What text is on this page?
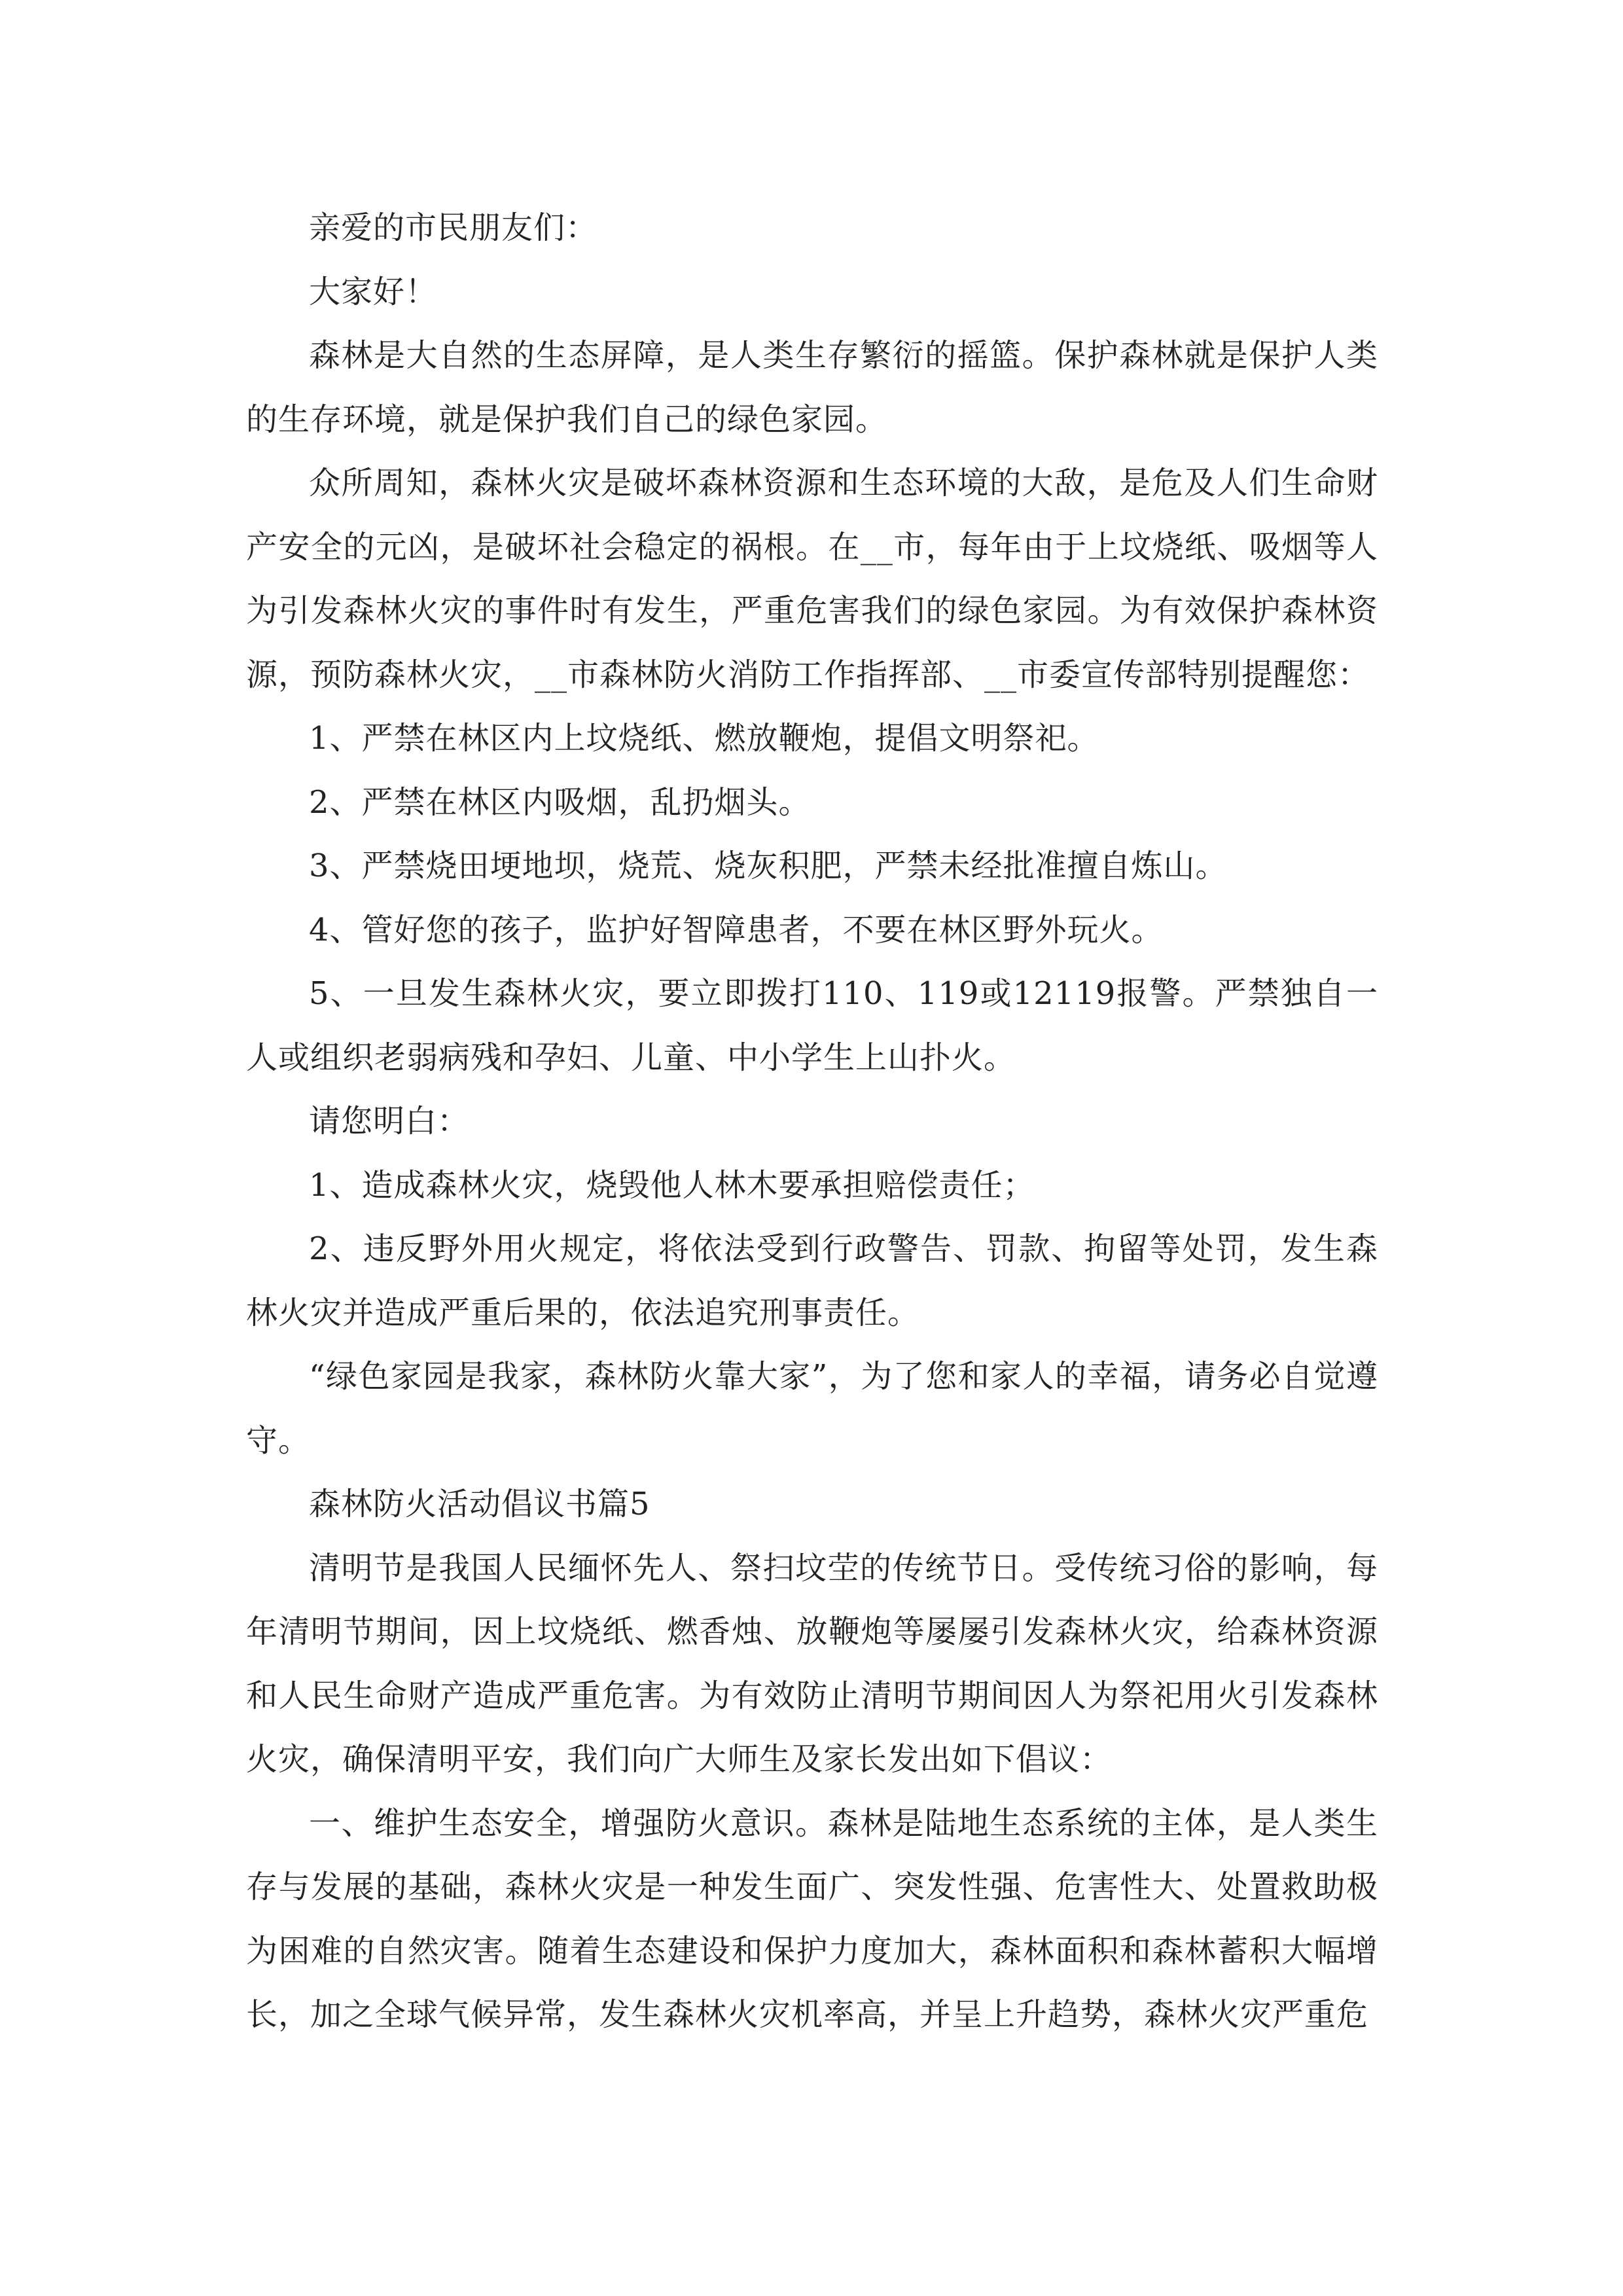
亲爱的市民朋友们：

大家好！

森林是大自然的生态屏障，是人类生存繁衍的摇篮。保护森林就是保护人类的生存环境，就是保护我们自己的绿色家园。

众所周知，森林火灾是破坏森林资源和生态环境的大敌，是危及人们生命财产安全的元凶，是破坏社会稳定的祸根。在__市，每年由于上坟烧纸、吸烟等人为引发森林火灾的事件时有发生，严重危害我们的绿色家园。为有效保护森林资源，预防森林火灾，__市森林防火消防工作指挥部、__市委宣传部特别提醒您：

1、严禁在林区内上坟烧纸、燃放鞭炮，提倡文明祭祀。

2、严禁在林区内吸烟，乱扔烟头。

3、严禁烧田埂地坝，烧荒、烧灰积肥，严禁未经批准擅自炼山。

4、管好您的孩子，监护好智障患者，不要在林区野外玩火。

5、一旦发生森林火灾，要立即拨打110、119或12119报警。严禁独自一人或组织老弱病残和孕妇、儿童、中小学生上山扑火。

请您明白：

1、造成森林火灾，烧毁他人林木要承担赔偿责任；

2、违反野外用火规定，将依法受到行政警告、罚款、拘留等处罚，发生森林火灾并造成严重后果的，依法追究刑事责任。

“绿色家园是我家，森林防火靠大家”，为了您和家人的幸福，请务必自觉遵守。

森林防火活动倡议书篇5

清明节是我国人民缅怀先人、祭扫坟茔的传统节日。受传统习俗的影响，每年清明节期间，因上坟烧纸、燃香烛、放鞭炮等屡屡引发森林火灾，给森林资源和人民生命财产造成严重危害。为有效防止清明节期间因人为祭祀用火引发森林火灾，确保清明平安，我们向广大师生及家长发出如下倡议：

一、维护生态安全，增强防火意识。森林是陆地生态系统的主体，是人类生存与发展的基础，森林火灾是一种发生面广、突发性强、危害性大、处置救助极为困难的自然灾害。随着生态建设和保护力度加大，森林面积和森林蓄积大幅增长，加之全球气候异常，发生森林火灾机率高，并呈上升趋势，森林火灾严重危
